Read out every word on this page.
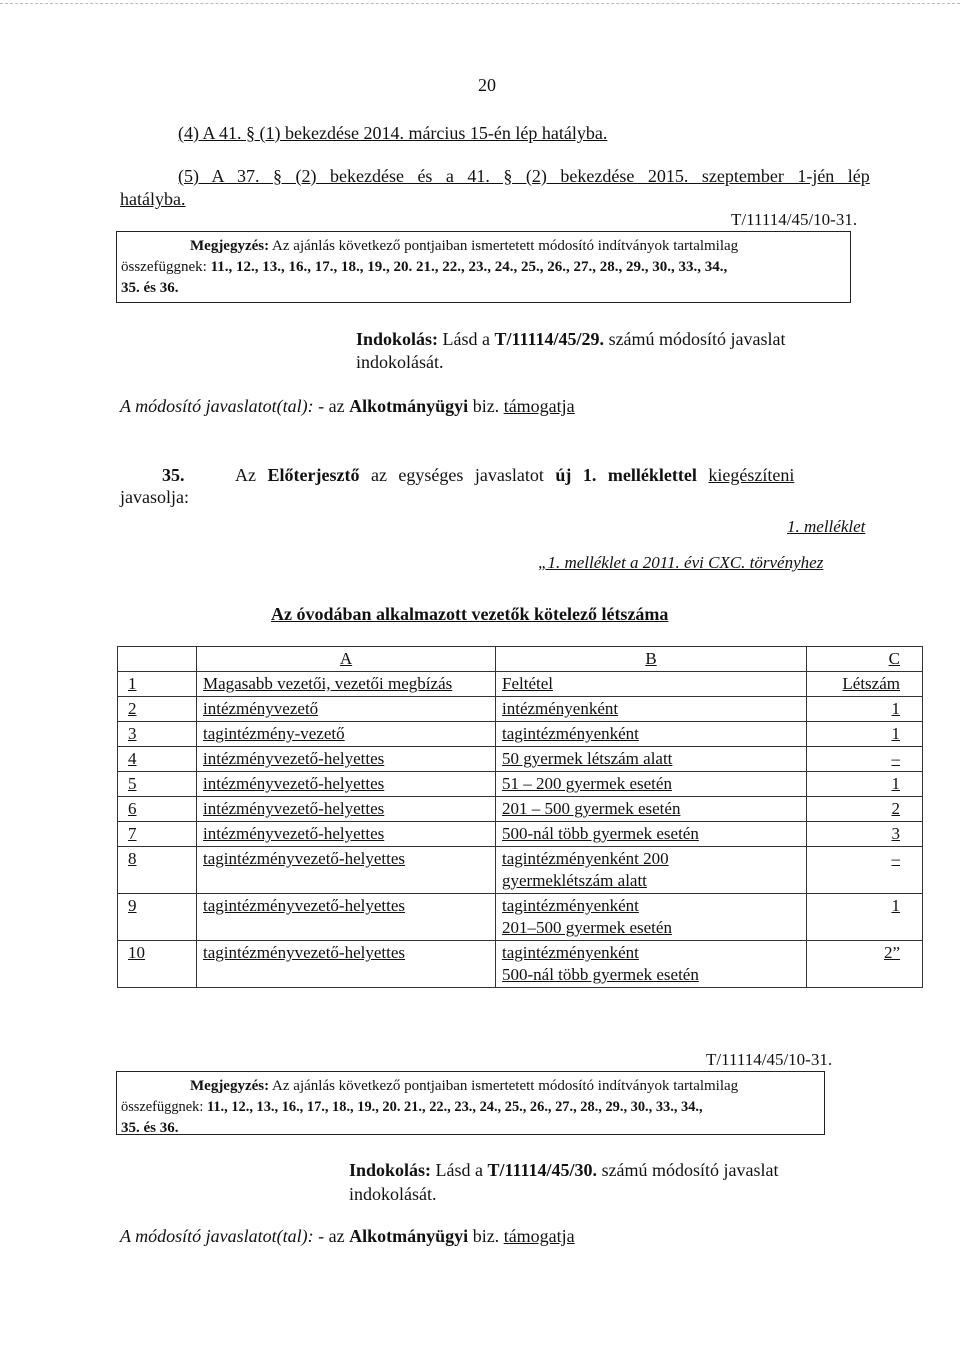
20
(4) A 41. § (1) bekezdése 2014. március 15-én lép hatályba.
(5) A 37. § (2) bekezdése és a 41. § (2) bekezdése 2015. szeptember 1-jén lép
hatályba.
T/11114/45/10-31.
Megjegyzés: Az ajánlás következő pontjaiban ismertetett módosító indítványok tartalmilag
összefüggnek: 11., 12., 13., 16., 17., 18., 19., 20. 21., 22., 23., 24., 25., 26., 27., 28., 29., 30., 33., 34.,
35. és 36.
Indokolás: Lásd a T/11114/45/29. számú módosító javaslat
indokolását.
A módosító javaslatot(tal): - az Alkotmányügyi biz. támogatja
35.	Az Előterjesztő az egységes javaslatot új 1. melléklettel kiegészíteni
javasolja:
1. melléklet
„1. melléklet a 2011. évi CXC. törvényhez
Az óvodában alkalmazott vezetők kötelező létszáma
	A	B	C
1	Magasabb vezetői, vezetői megbízás	Feltétel	Létszám
2	intézményvezető	intézményenként	1
3	tagintézmény-vezető	tagintézményenként	1
4	intézményvezető-helyettes	50 gyermek létszám alatt	–
5	intézményvezető-helyettes	51 – 200 gyermek esetén	1
6	intézményvezető-helyettes	201 – 500 gyermek esetén	2
7	intézményvezető-helyettes	500-nál több gyermek esetén	3
8	tagintézményvezető-helyettes	tagintézményenként 200
gyermeklétszám alatt	–
9	tagintézményvezető-helyettes	tagintézményenként
201–500 gyermek esetén	1
10	tagintézményvezető-helyettes	tagintézményenként
500-nál több gyermek esetén	2”
T/11114/45/10-31.
Megjegyzés: Az ajánlás következő pontjaiban ismertetett módosító indítványok tartalmilag
összefüggnek: 11., 12., 13., 16., 17., 18., 19., 20. 21., 22., 23., 24., 25., 26., 27., 28., 29., 30., 33., 34.,
35. és 36.
Indokolás: Lásd a T/11114/45/30. számú módosító javaslat
indokolását.
A módosító javaslatot(tal): - az Alkotmányügyi biz. támogatja
